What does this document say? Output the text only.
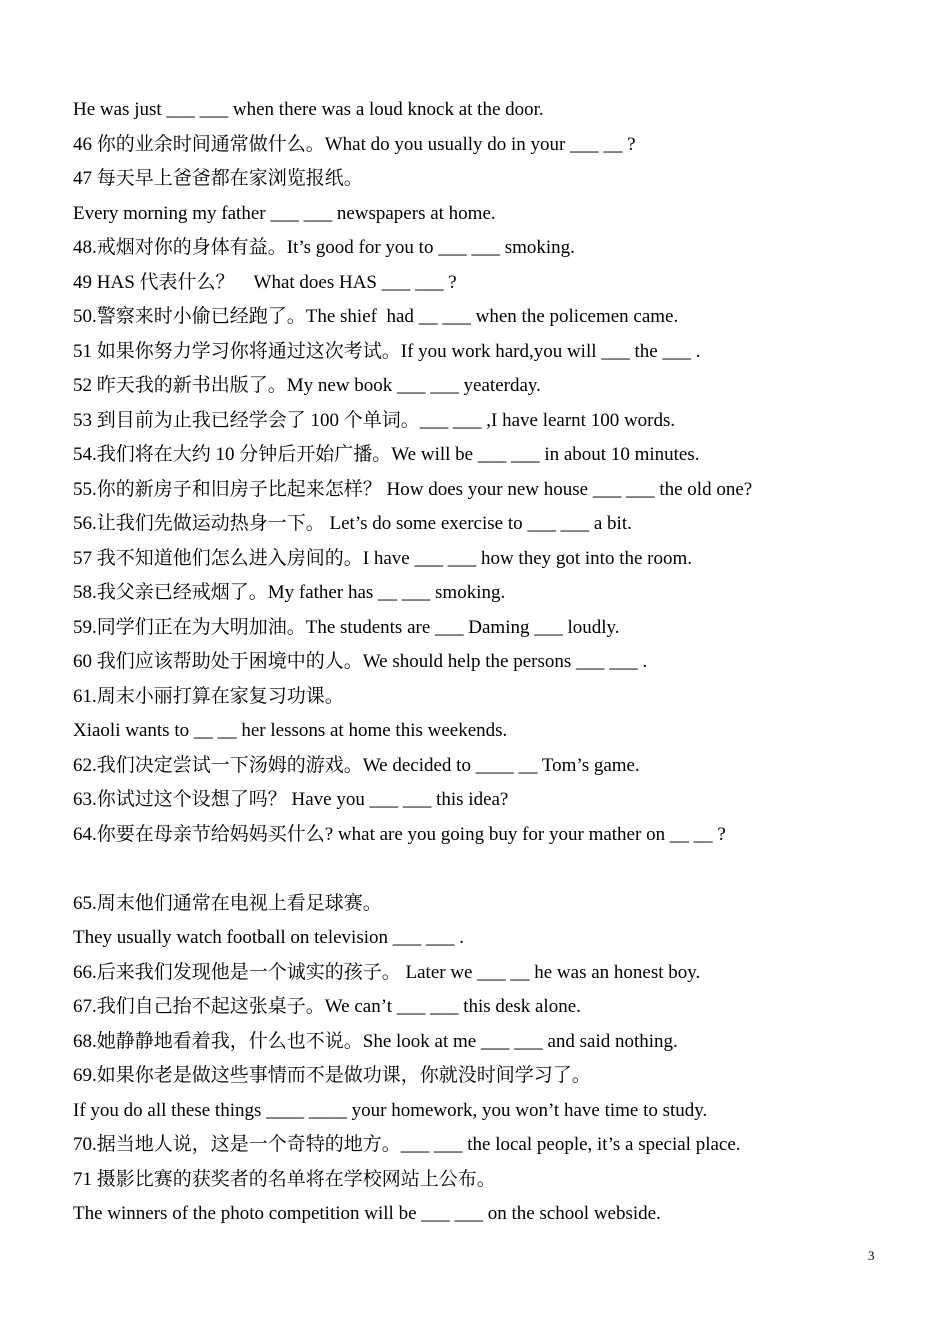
He was just ___ ___ when there was a loud knock at the door.
46 你的业余时间通常做什么。What do you usually do in your ___ __ ?
47 每天早上爸爸都在家浏览报纸。
Every morning my father ___ ___ newspapers at home.
48.戒烟对你的身体有益。It’s good for you to ___ ___ smoking.
49 HAS 代表什么？    What does HAS ___ ___ ?
50.警察来时小偷已经跑了。The shief  had __ ___ when the policemen came.
51 如果你努力学习你将通过这次考试。If you work hard,you will ___ the ___ .
52 昨天我的新书出版了。My new book ___ ___ yeaterday.
53 到目前为止我已经学会了 100 个单词。___ ___ ,I have learnt 100 words.
54.我们将在大约 10 分钟后开始广播。We will be ___ ___ in about 10 minutes.
55.你的新房子和旧房子比起来怎样？ How does your new house ___ ___ the old one?
56.让我们先做运动热身一下。 Let’s do some exercise to ___ ___ a bit.
57 我不知道他们怎么进入房间的。I have ___ ___ how they got into the room.
58.我父亲已经戒烟了。My father has __ ___ smoking.
59.同学们正在为大明加油。The students are ___ Daming ___ loudly.
60 我们应该帮助处于困境中的人。We should help the persons ___ ___ .
61.周末小丽打算在家复习功课。
Xiaoli wants to __ __ her lessons at home this weekends.
62.我们决定尝试一下汤姆的游戏。We decided to ____ __ Tom’s game.
63.你试过这个设想了吗？ Have you ___ ___ this idea?
64.你要在母亲节给妈妈买什么? what are you going buy for your mather on __ __ ?
65.周末他们通常在电视上看足球赛。
They usually watch football on television ___ ___ .
66.后来我们发现他是一个诚实的孩子。 Later we ___ __ he was an honest boy.
67.我们自己抬不起这张桌子。We can’t ___ ___ this desk alone.
68.她静静地看着我，什么也不说。She look at me ___ ___ and said nothing.
69.如果你老是做这些事情而不是做功课，你就没时间学习了。
If you do all these things ____ ____ your homework, you won’t have time to study.
70.据当地人说，这是一个奇特的地方。___ ___ the local people, it’s a special place.
71 摄影比赛的获奖者的名单将在学校网站上公布。
The winners of the photo competition will be ___ ___ on the school webside.
3
